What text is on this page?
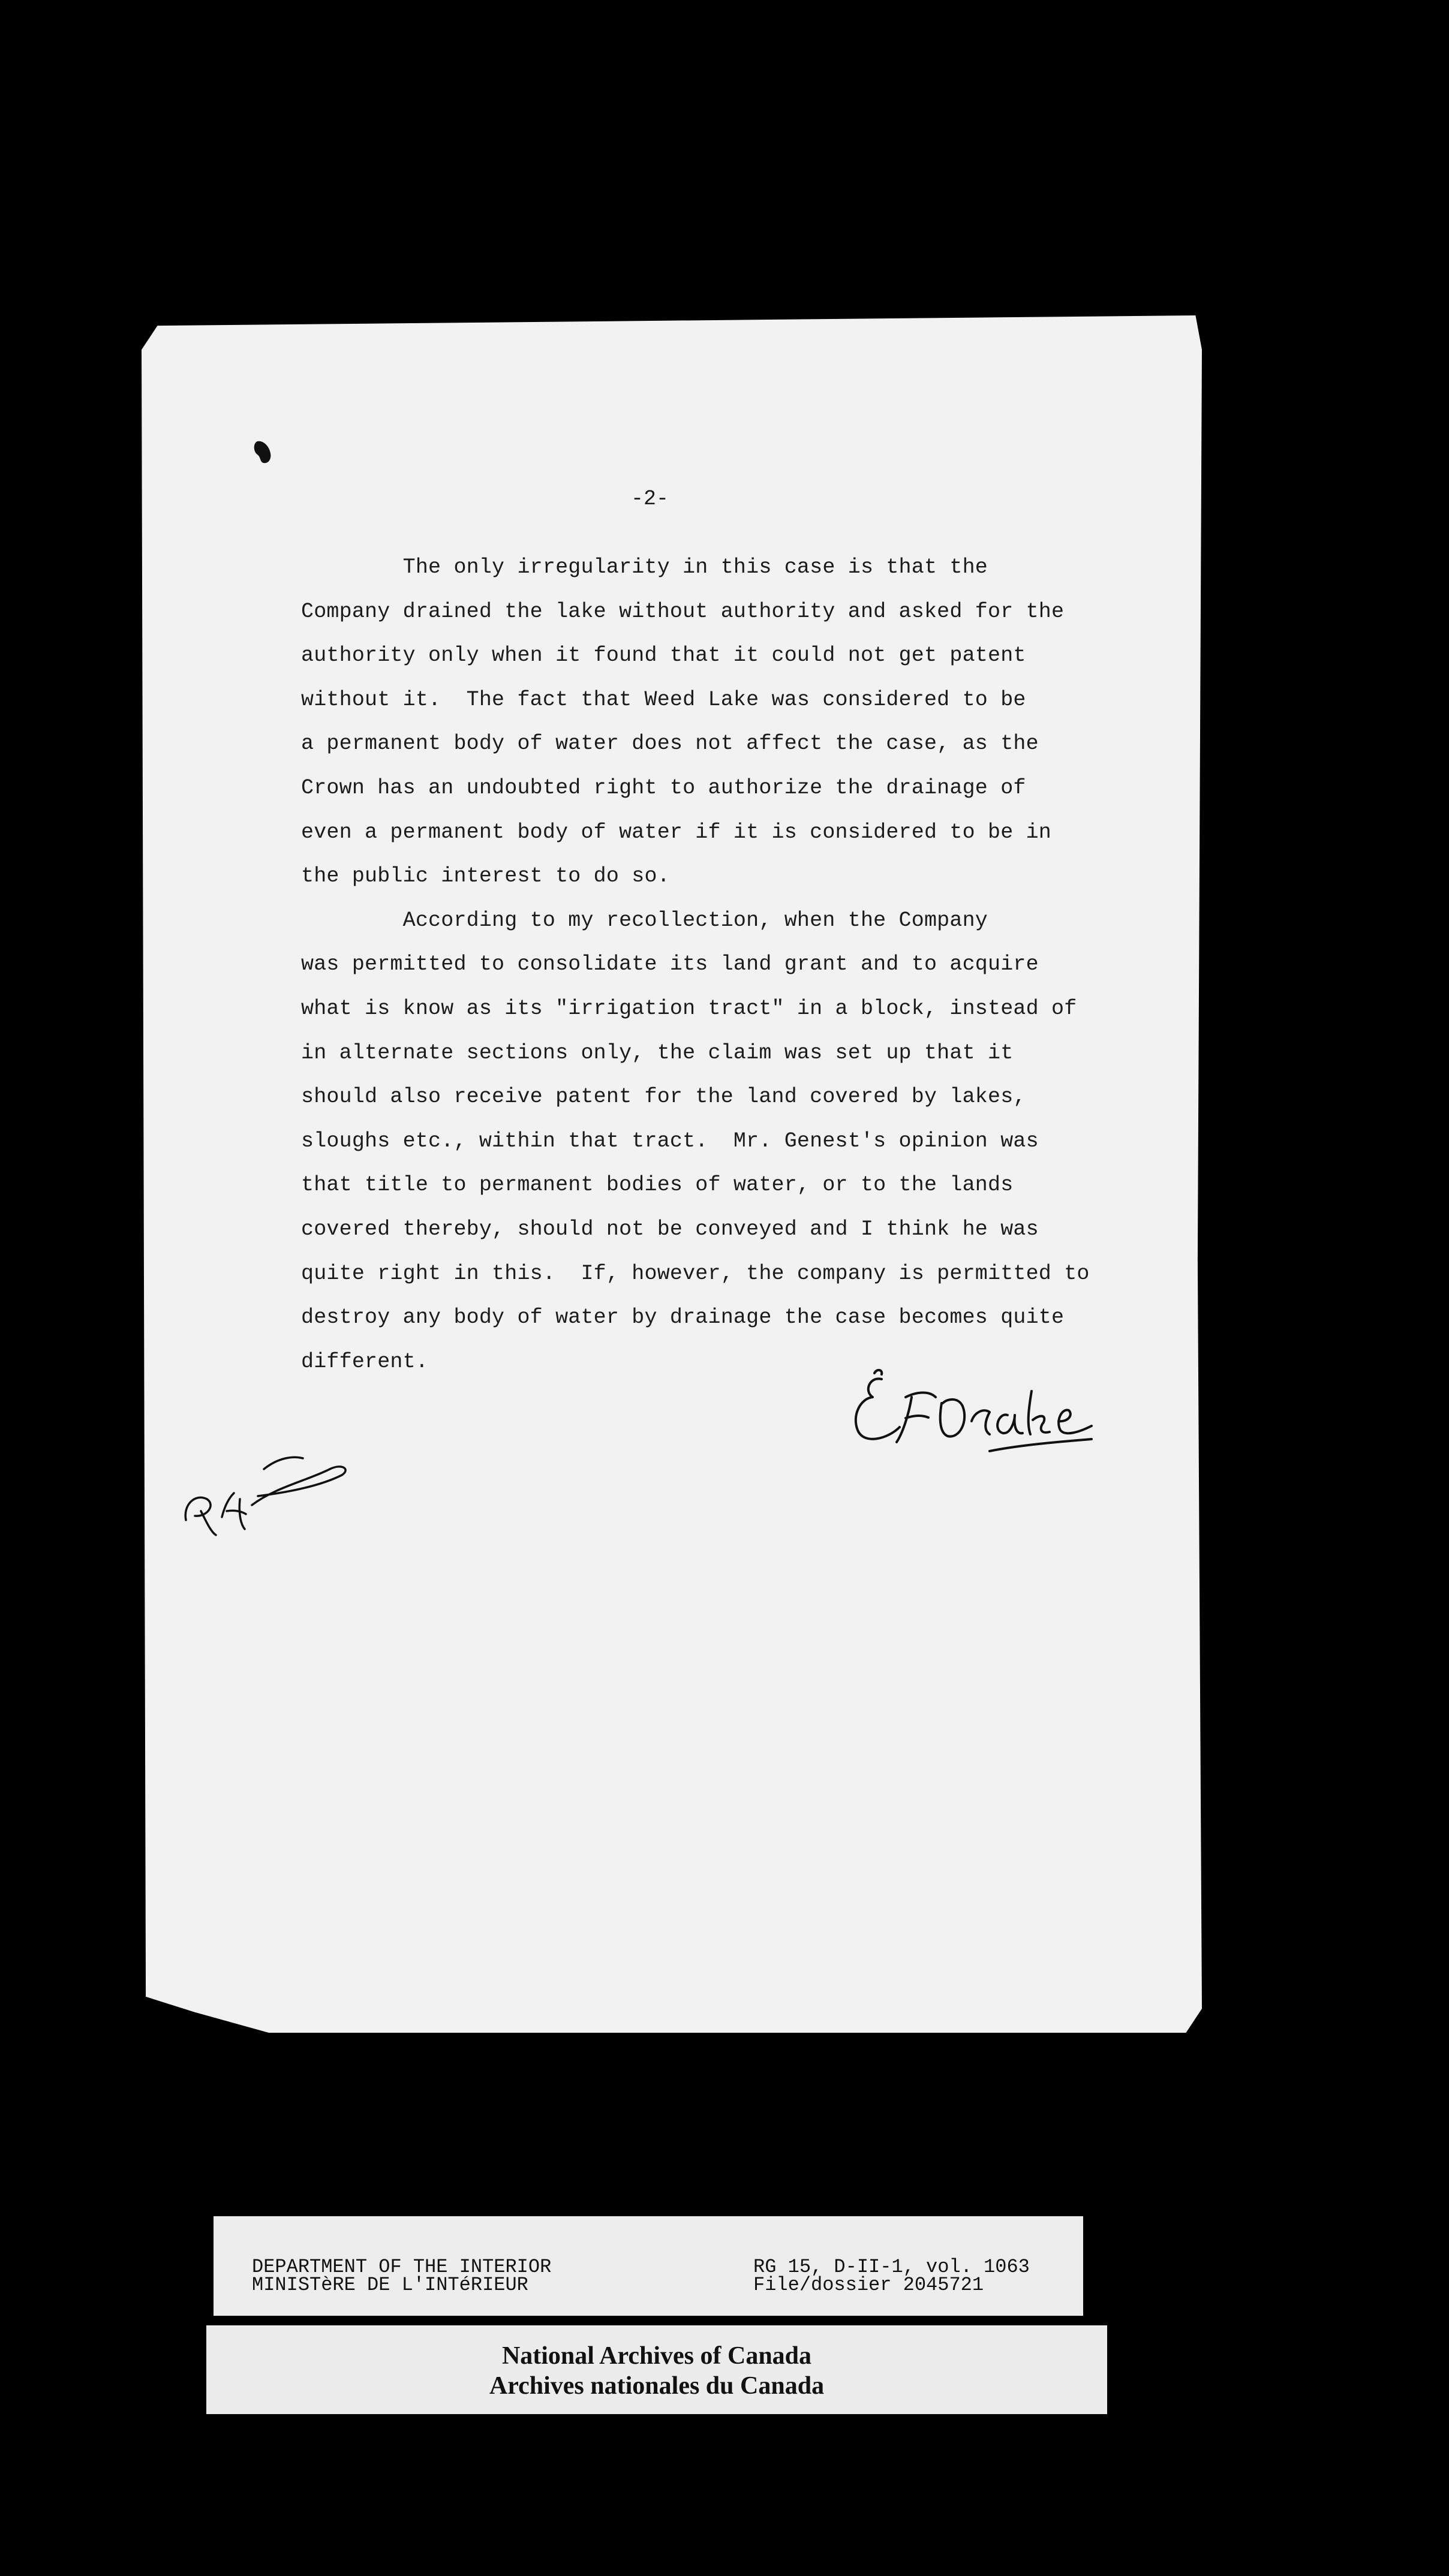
-2-

The only irregularity in this case is that the

Company drained the lake without authority and asked for the

authority only when it found that it could not get patent

without it.  The fact that Weed Lake was considered to be

a permanent body of water does not affect the case, as the

Crown has an undoubted right to authorize the drainage of

even a permanent body of water if it is considered to be in

the public interest to do so.

According to my recollection, when the Company

was permitted to consolidate its land grant and to acquire

what is know as its "irrigation tract" in a block, instead of

in alternate sections only, the claim was set up that it

should also receive patent for the land covered by lakes,

sloughs etc., within that tract.  Mr. Genest's opinion was

that title to permanent bodies of water, or to the lands

covered thereby, should not be conveyed and I think he was

quite right in this.  If, however, the company is permitted to

destroy any body of water by drainage the case becomes quite

different.

DEPARTMENT OF THE INTERIOR
MINISTèRE DE L'INTéRIEUR
RG 15, D-II-1, vol. 1063
File/dossier 2045721
National Archives of Canada
Archives nationales du Canada
